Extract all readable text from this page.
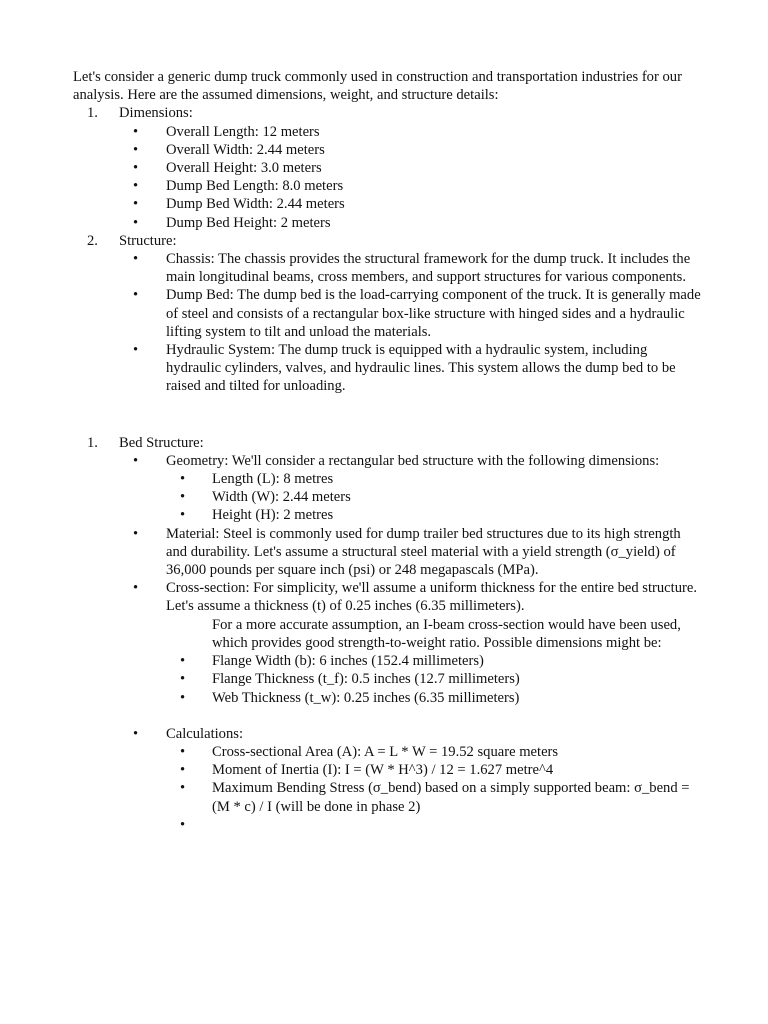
Let's consider a generic dump truck commonly used in construction and transportation industries for our analysis. Here are the assumed dimensions, weight, and structure details:

1. Dimensions:
• Overall Length: 12 meters
• Overall Width: 2.44 meters
• Overall Height: 3.0 meters
• Dump Bed Length: 8.0 meters
• Dump Bed Width: 2.44 meters
• Dump Bed Height: 2 meters
2. Structure:
• Chassis: The chassis provides the structural framework for the dump truck. It includes the main longitudinal beams, cross members, and support structures for various components.
• Dump Bed: The dump bed is the load-carrying component of the truck. It is generally made of steel and consists of a rectangular box-like structure with hinged sides and a hydraulic lifting system to tilt and unload the materials.
• Hydraulic System: The dump truck is equipped with a hydraulic system, including hydraulic cylinders, valves, and hydraulic lines. This system allows the dump bed to be raised and tilted for unloading.
1. Bed Structure:
• Geometry: We'll consider a rectangular bed structure with the following dimensions:
• Length (L): 8 metres
• Width (W): 2.44 meters
• Height (H): 2 metres
• Material: Steel is commonly used for dump trailer bed structures due to its high strength and durability. Let's assume a structural steel material with a yield strength (σ_yield) of 36,000 pounds per square inch (psi) or 248 megapascals (MPa).
• Cross-section: For simplicity, we'll assume a uniform thickness for the entire bed structure. Let's assume a thickness (t) of 0.25 inches (6.35 millimeters).
For a more accurate assumption, an I-beam cross-section would have been used, which provides good strength-to-weight ratio. Possible dimensions might be:
• Flange Width (b): 6 inches (152.4 millimeters)
• Flange Thickness (t_f): 0.5 inches (12.7 millimeters)
• Web Thickness (t_w): 0.25 inches (6.35 millimeters)
• Calculations:
• Cross-sectional Area (A): A = L * W = 19.52 square meters
• Moment of Inertia (I): I = (W * H^3) / 12 = 1.627 metre^4
• Maximum Bending Stress (σ_bend) based on a simply supported beam: σ_bend = (M * c) / I (will be done in phase 2)
•
